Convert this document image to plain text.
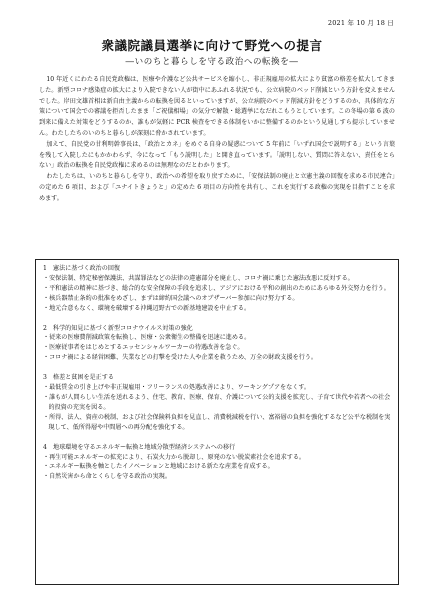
2021 年 10 月 18 日
衆議院議員選挙に向けて野党への提言
―いのちと暮らしを守る政治への転換を―

10 年近くにわたる自民党政権は、医療や介護など公共サービスを縮小し、非正規雇用の拡大により貧富の格差を拡大してきました。新型コロナ感染症の拡大により入院できない人が街中にあふれる状況でも、公立病院のベッド削減という方針を変えませんでした。岸田文雄首相は新自由主義からの転換を図るといっていますが、公立病院のベッド削減方針をどうするのか、具体的な方策について国会での審議を拒否したまま「ご祝儀相場」の気分で解散・総選挙になだれこもうとしています。この冬場の第 6 波の到来に備えた対策をどうするのか、誰もが気軽に PCR 検査をできる体制をいかに整備するのかという見通しすら提示していません。わたしたちのいのちと暮らしが深刻に脅かされています。

加えて、自民党の甘利明幹事長は、「政治とカネ」をめぐる自身の疑惑について 5 年前に「いずれ国会で説明する」という言葉を残して入院したにもかかわらず、今になって「もう説明した」と開き直っています。「説明しない、質問に答えない、責任をとらない」政治の転換を自民党政権に求めるのは無理なのだとわかります。

わたしたちは、いのちと暮らしを守り、政治への希望を取り戻すために、「安保法制の廃止と立憲主義の回復を求める市民連合」の定めた 6 項目、および「ユナイトきょうと」の定めた 6 項目の方向性を共有し、これを実行する政権の実現を目指すことを求めます。

1　憲法に基づく政治の回復
・ 安保法制、特定秘密保護法、共謀罪法などの法律の違憲部分を廃止し、コロナ禍に乗じた憲法改悪に反対する。
・ 平和憲法の精神に基づき、総合的な安全保障の手段を追求し、アジアにおける平和の創出のためにあらゆる外交努力を行う。
・ 核兵器禁止条約の批准をめざし、まずは締約国会議へのオブザーバー参加に向け努力する。
・ 地元合意もなく、環境を破壊する沖縄辺野古での新基地建設を中止する。
2　科学的知見に基づく新型コロナウイルス対策の強化
・ 従来の医療費削減政策を転換し、医療・公衆衛生の整備を迅速に進める。
・ 医療従事者をはじめとするエッセンシャルワーカーの待遇改善を急ぐ。
・ コロナ禍による経営困難、失業などの打撃を受けた人や企業を救うため、万全の財政支援を行う。
3　格差と貧困を是正する
・ 最低賃金の引き上げや非正規雇用・フリーランスの処遇改善により、ワーキングプアをなくす。
・ 誰もが人間らしい生活を送れるよう、住宅、教育、医療、保育、介護について公的支援を拡充し、子育て世代や若者への社会的投資の充実を図る。
・ 所得、法人、資産の税制、および社会保険料負担を見直し、消費税減税を行い、富裕層の負担を強化するなど公平な税制を実現して、低所得層や中間層への再分配を強化する。
4　地球環境を守るエネルギー転換と地域分散型経済システムへの移行
・ 再生可能エネルギーの拡充により、石炭火力から脱却し、原発のない脱炭素社会を追求する。
・ エネルギー転換を軸としたイノベーションと地域における新たな産業を育成する。
・ 自然災害から命とくらしを守る政治の実現。
